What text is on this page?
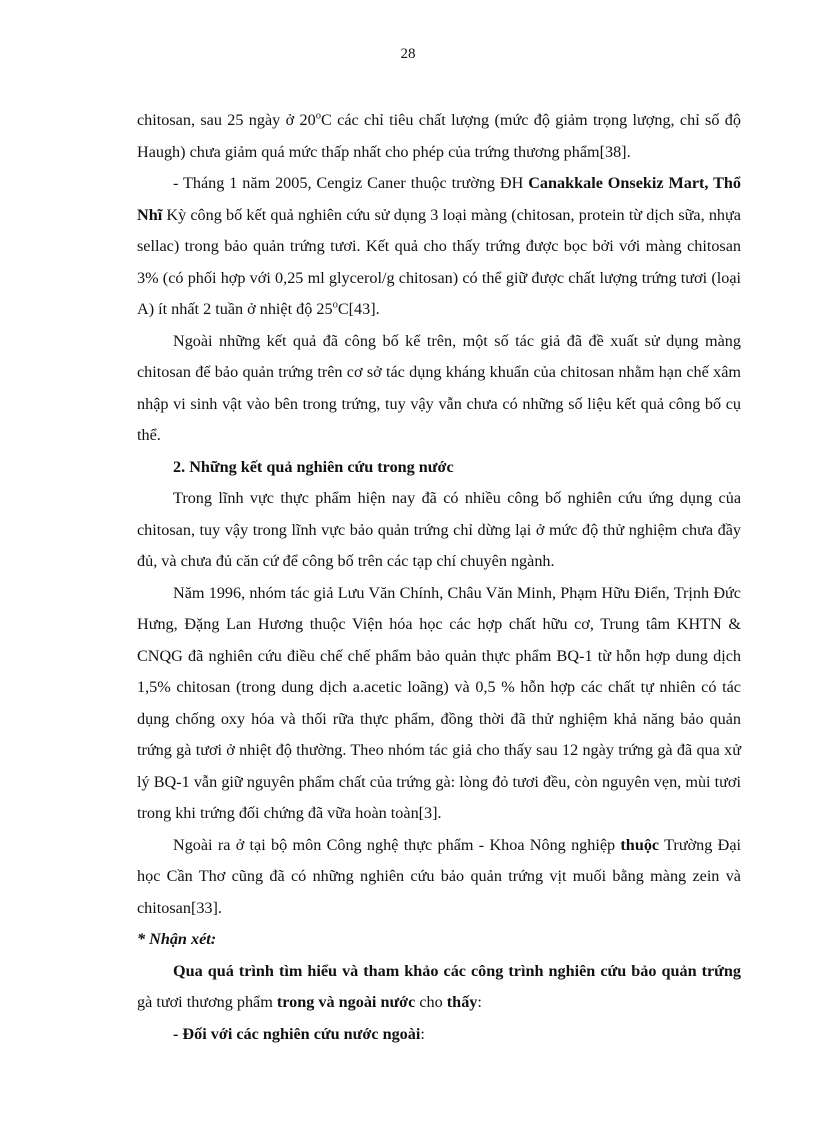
28

chitosan, sau 25 ngày ở 20$^o$C các chỉ tiêu chất lượng (mức độ giảm trọng lượng, chỉ số độ Haugh) chưa giảm quá mức thấp nhất cho phép của trứng thương phẩm[38].

- Tháng 1 năm 2005, Cengiz Caner thuộc trường ĐH Canakkale Onsekiz Mart, Thổ Nhĩ Kỳ công bố kết quả nghiên cứu sử dụng 3 loại màng (chitosan, protein từ dịch sữa, nhựa sellac) trong bảo quản trứng tươi. Kết quả cho thấy trứng được bọc bởi với màng chitosan 3% (có phối hợp với 0,25 ml glycerol/g chitosan) có thể giữ được chất lượng trứng tươi (loại A) ít nhất 2 tuần ở nhiệt độ 25$^o$C[43].

Ngoài những kết quả đã công bố kể trên, một số tác giả đã đề xuất sử dụng màng chitosan để bảo quản trứng trên cơ sở tác dụng kháng khuẩn của chitosan nhằm hạn chế xâm nhập vi sinh vật vào bên trong trứng, tuy vậy vẫn chưa có những số liệu kết quả công bố cụ thể.

2. Những kết quả nghiên cứu trong nước

Trong lĩnh vực thực phẩm hiện nay đã có nhiều công bố nghiên cứu ứng dụng của chitosan, tuy vậy trong lĩnh vực bảo quản trứng chỉ dừng lại ở mức độ thử nghiệm chưa đầy đủ, và chưa đủ căn cứ để công bố trên các tạp chí chuyên ngành.

Năm 1996, nhóm tác giả Lưu Văn Chính, Châu Văn Minh, Phạm Hữu Điển, Trịnh Đức Hưng, Đặng Lan Hương thuộc Viện hóa học các hợp chất hữu cơ, Trung tâm KHTN & CNQG đã nghiên cứu điều chế chế phẩm bảo quản thực phẩm BQ-1 từ hỗn hợp dung dịch 1,5% chitosan (trong dung dịch a.acetic loãng) và 0,5 % hỗn hợp các chất tự nhiên có tác dụng chống oxy hóa và thối rữa thực phẩm, đồng thời đã thử nghiệm khả năng bảo quản trứng gà tươi ở nhiệt độ thường. Theo nhóm tác giả cho thấy sau 12 ngày trứng gà đã qua xử lý BQ-1 vẫn giữ nguyên phẩm chất của trứng gà: lòng đỏ tươi đều, còn nguyên vẹn, mùi tươi trong khi trứng đối chứng đã vữa hoàn toàn[3].

Ngoài ra ở tại bộ môn Công nghệ thực phẩm - Khoa Nông nghiệp thuộc Trường Đại học Cần Thơ cũng đã có những nghiên cứu bảo quản trứng vịt muối bằng màng zein và chitosan[33].

* Nhận xét:

Qua quá trình tìm hiểu và tham khảo các công trình nghiên cứu bảo quản trứng gà tươi thương phẩm trong và ngoài nước cho thấy:

- Đối với các nghiên cứu nước ngoài:
